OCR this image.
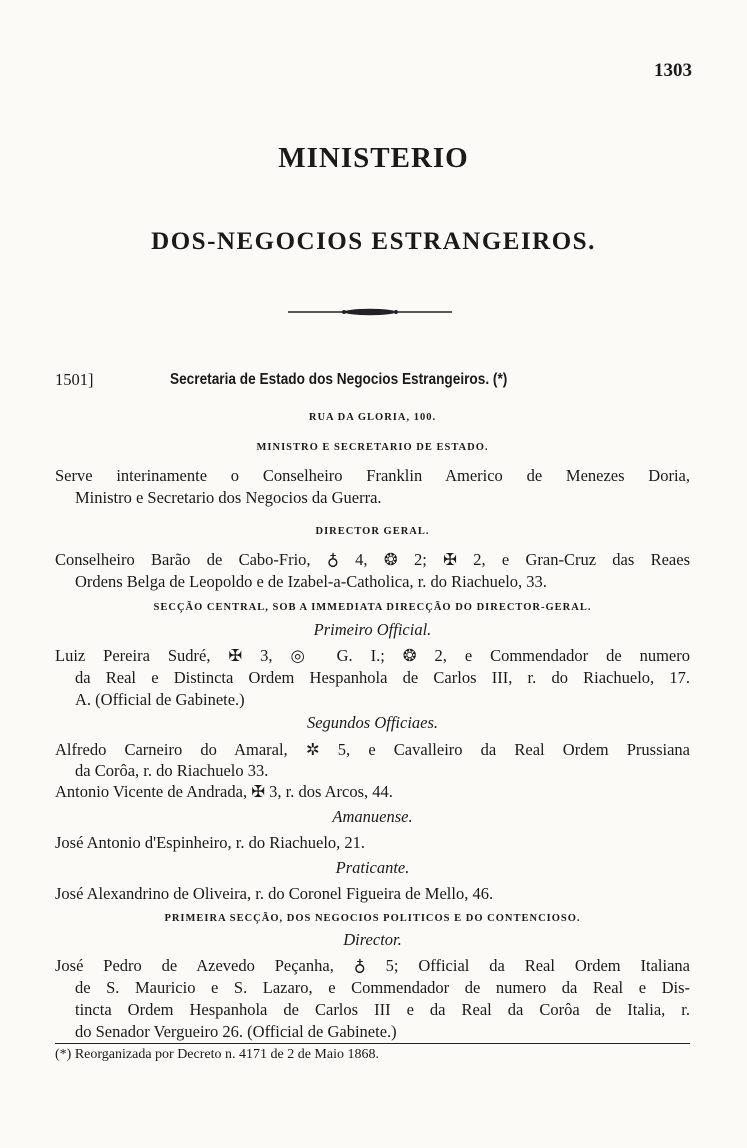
1303
MINISTERIO
DOS-NEGOCIOS ESTRANGEIROS.
1501]	Secretaria de Estado dos Negocios Estrangeiros. (*)
RUA DA GLORIA, 100.
MINISTRO E SECRETARIO DE ESTADO.
Serve interinamente o Conselheiro Franklin Americo de Menezes Doria,
Ministro e Secretario dos Negocios da Guerra.
DIRECTOR GERAL.
Conselheiro Barão de Cabo-Frio, ♁ 4, ❂ 2; ✠ 2, e Gran-Cruz das Reaes
Ordens Belga de Leopoldo e de Izabel-a-Catholica, r. do Riachuelo, 33.
SECÇÃO CENTRAL, SOB A IMMEDIATA DIRECÇÃO DO DIRECTOR-GERAL.
Primeiro Official.
Luiz Pereira Sudré, ✠ 3, ◎ G. I.; ❂ 2, e Commendador de numero
da Real e Distincta Ordem Hespanhola de Carlos III, r. do Riachuelo, 17.
A. (Official de Gabinete.)
Segundos Officiaes.
Alfredo Carneiro do Amaral, ✲ 5, e Cavalleiro da Real Ordem Prussiana
da Corôa, r. do Riachuelo 33.
Antonio Vicente de Andrada, ✠ 3, r. dos Arcos, 44.
Amanuense.
José Antonio d'Espinheiro, r. do Riachuelo, 21.
Praticante.
José Alexandrino de Oliveira, r. do Coronel Figueira de Mello, 46.
PRIMEIRA SECÇÃO, DOS NEGOCIOS POLITICOS E DO CONTENCIOSO.
Director.
José Pedro de Azevedo Peçanha, ♁ 5; Official da Real Ordem Italiana
de S. Mauricio e S. Lazaro, e Commendador de numero da Real e Dis-
tincta Ordem Hespanhola de Carlos III e da Real da Corôa de Italia, r.
do Senador Vergueiro 26. (Official de Gabinete.)
(*) Reorganizada por Decreto n. 4171 de 2 de Maio 1868.
